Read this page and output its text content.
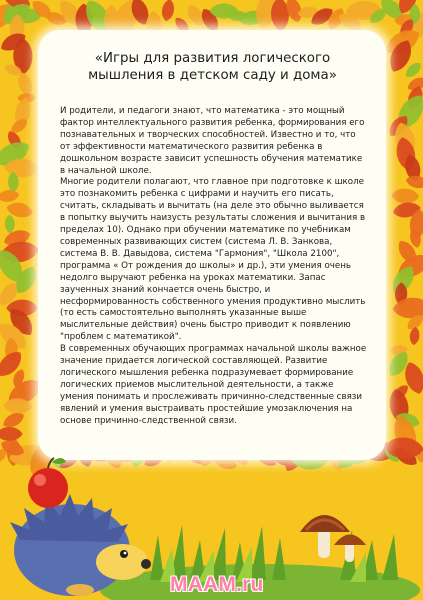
«Игры для развития логического
мышления в детском саду и дома»

И родители, и педагоги знают, что математика - это мощный фактор интеллектуального развития ребенка, формирования его познавательных и творческих способностей. Известно и то, что от эффективности математического развития ребенка в дошкольном возрасте зависит успешность обучения математике в начальной школе.

Многие родители полагают, что главное при подготовке к школе это познакомить ребенка с цифрами и научить его писать, считать, складывать и вычитать (на деле это обычно выливается в попытку выучить наизусть результаты сложения и вычитания в пределах 10). Однако при обучении математике по учебникам современных развивающих систем (система Л. В. Занкова, система В. В. Давыдова, система "Гармония", "Школа 2100", программа « От рождения до школы» и др.), эти умения очень недолго выручают ребенка на уроках математики. Запас заученных знаний кончается очень быстро, и несформированность собственного умения продуктивно мыслить (то есть самостоятельно выполнять указанные выше мыслительные действия) очень быстро приводит к появлению "проблем с математикой".

В современных обучающих программах начальной школы важное значение придается логической составляющей. Развитие логического мышления ребенка подразумевает формирование логических приемов мыслительной деятельности, а также умения понимать и прослеживать причинно-следственные связи явлений и умения выстраивать простейшие умозаключения на основе причинно-следственной связи.

MAAM.ru
